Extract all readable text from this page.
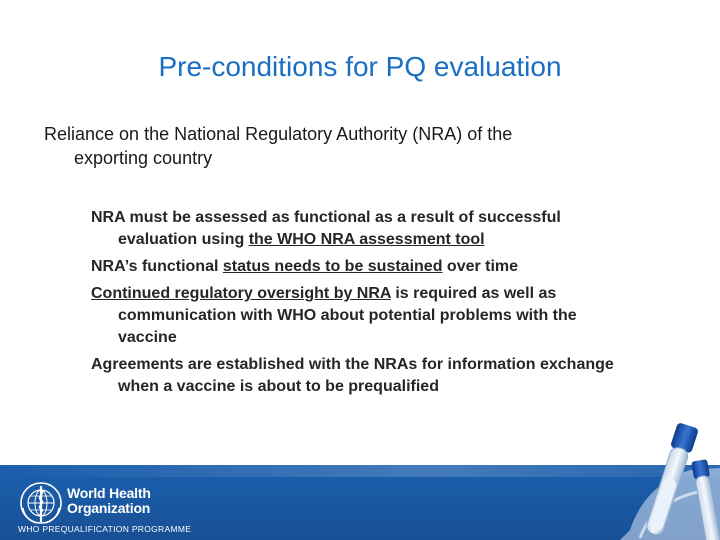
Pre-conditions for PQ evaluation
Reliance on the National Regulatory Authority (NRA) of the
exporting country
NRA must be assessed as functional as a result of successful
evaluation using the WHO NRA assessment tool
NRA’s functional status needs to be sustained over time
Continued regulatory oversight by NRA is required as well as
communication with WHO about potential problems with the
vaccine
Agreements are established with the NRAs for information exchange
when a vaccine is about to be prequalified
World Health
Organization
WHO PREQUALIFICATION PROGRAMME
